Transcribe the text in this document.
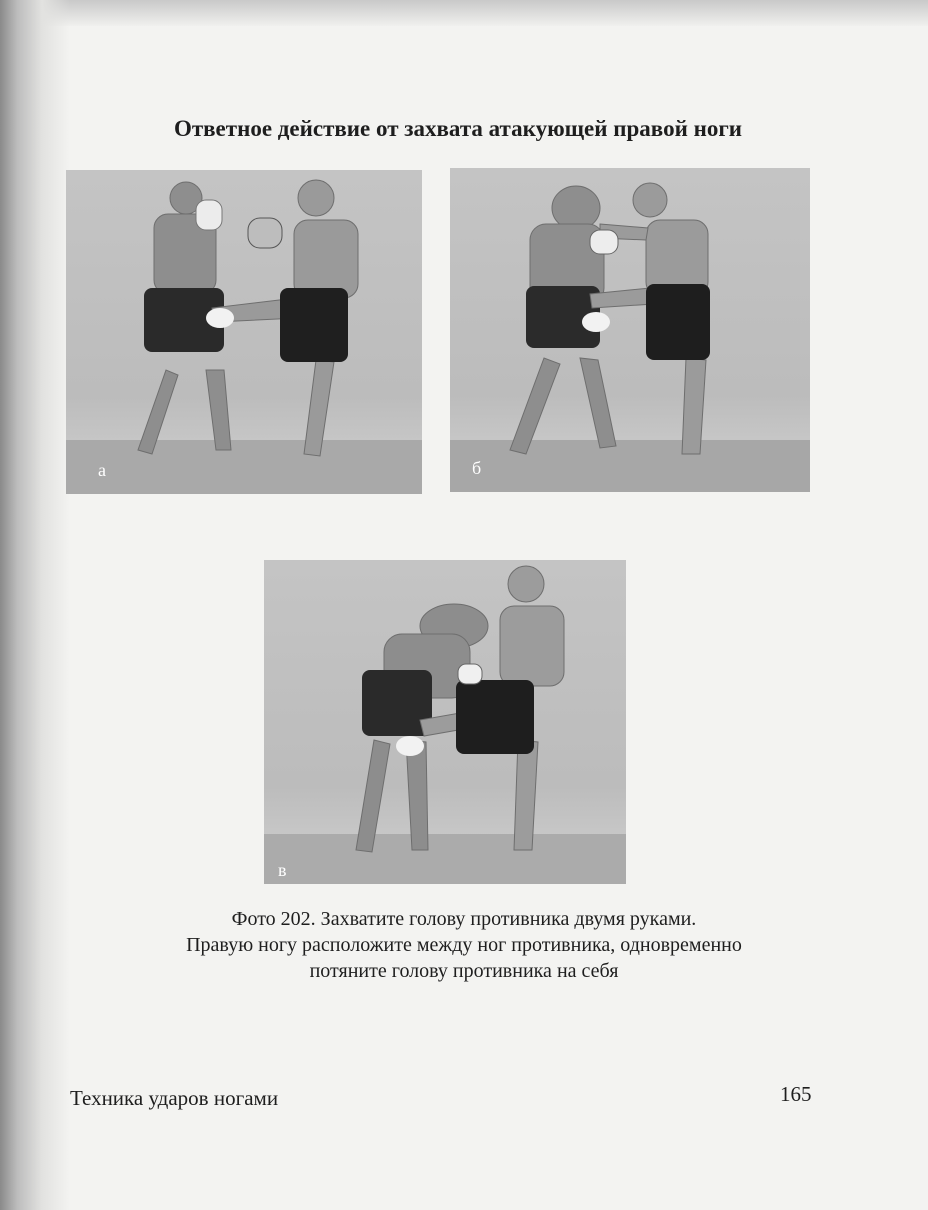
Ответное действие от захвата атакующей правой ноги
а	б
в
Фото 202. Захватите голову противника двумя руками.
Правую ногу расположите между ног противника, одновременно
потяните голову противника на себя
Техника ударов ногами	165
